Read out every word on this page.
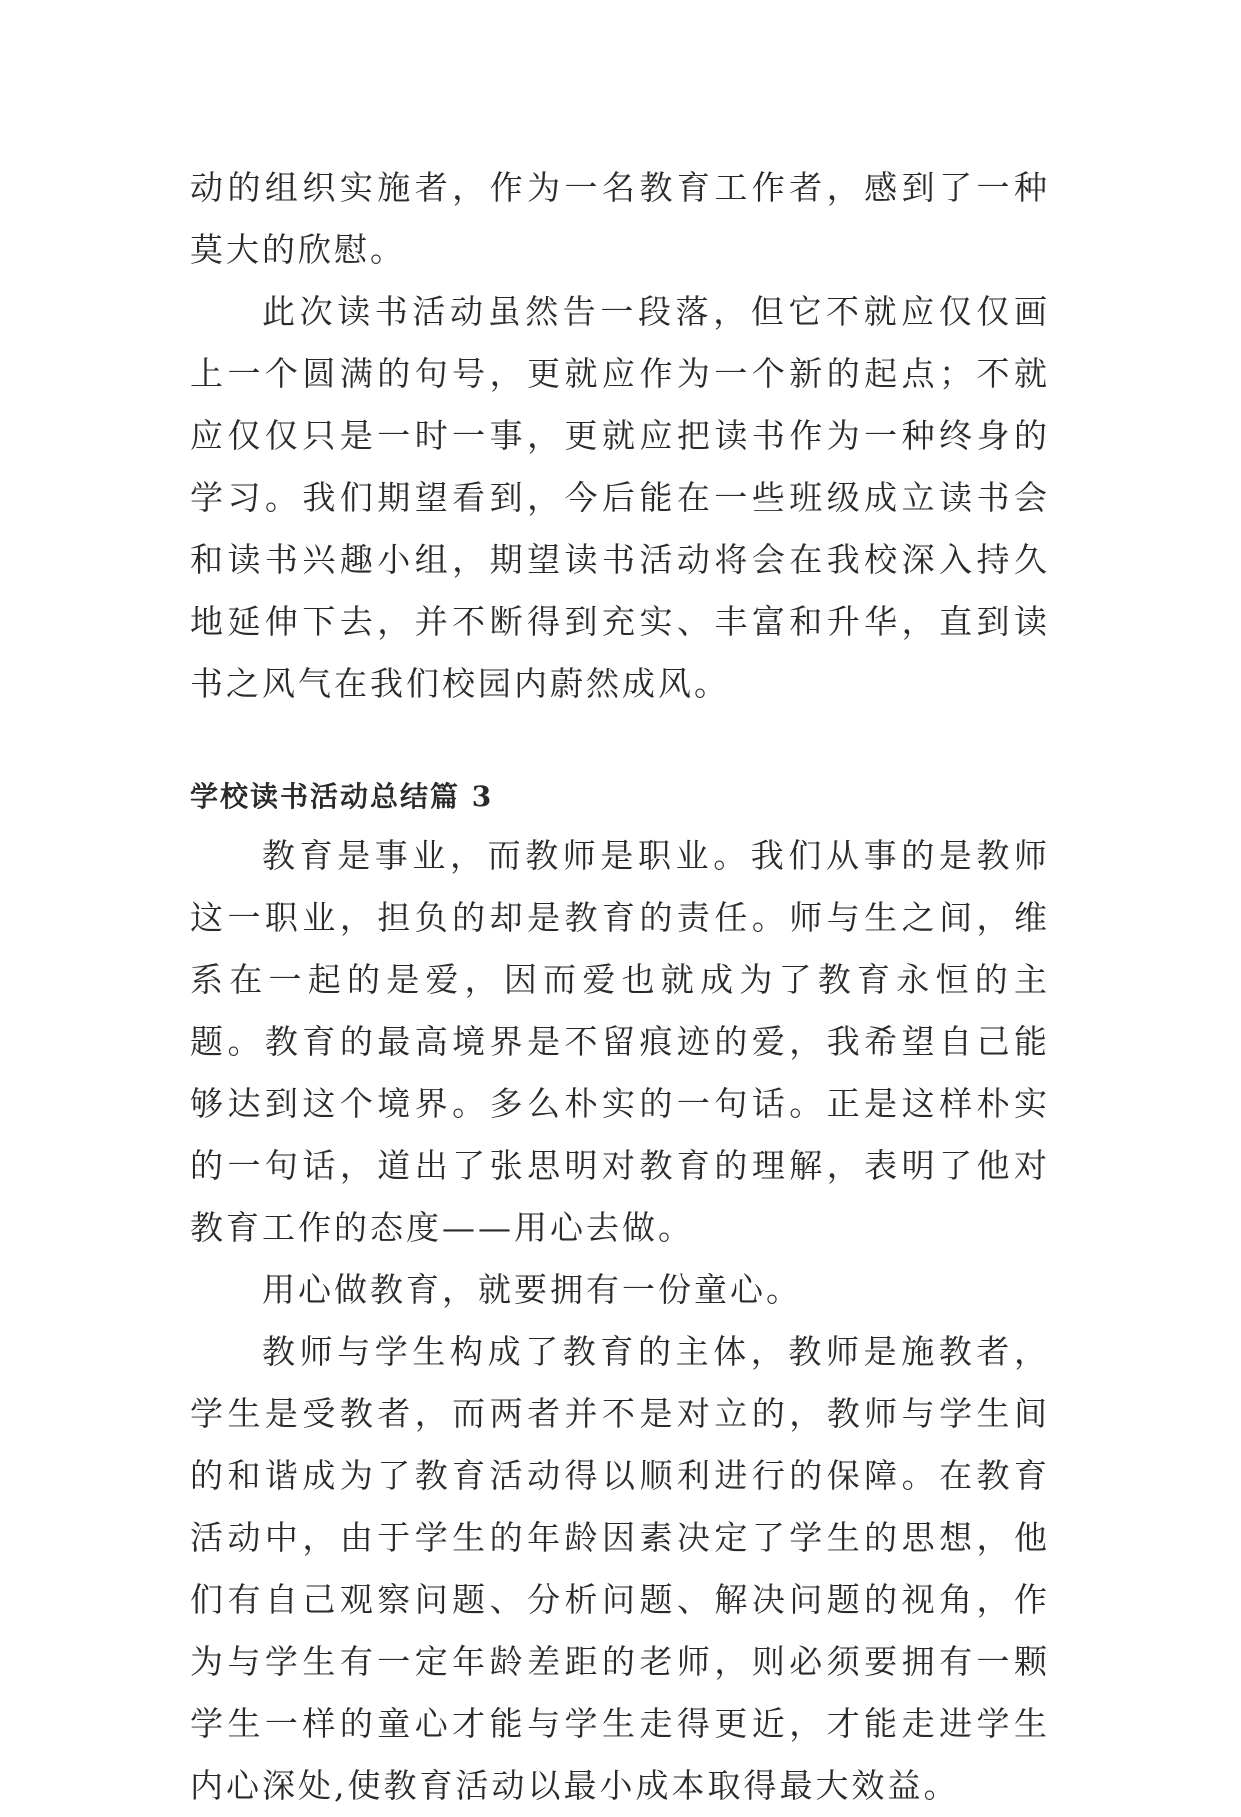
动的组织实施者，作为一名教育工作者，感到了一种莫大的欣慰。

此次读书活动虽然告一段落，但它不就应仅仅画上一个圆满的句号，更就应作为一个新的起点；不就应仅仅只是一时一事，更就应把读书作为一种终身的学习。我们期望看到，今后能在一些班级成立读书会和读书兴趣小组，期望读书活动将会在我校深入持久地延伸下去，并不断得到充实、丰富和升华，直到读书之风气在我们校园内蔚然成风。

学校读书活动总结篇 3

教育是事业，而教师是职业。我们从事的是教师这一职业，担负的却是教育的责任。师与生之间，维系在一起的是爱，因而爱也就成为了教育永恒的主题。教育的最高境界是不留痕迹的爱，我希望自己能够达到这个境界。多么朴实的一句话。正是这样朴实的一句话，道出了张思明对教育的理解，表明了他对教育工作的态度——用心去做。

用心做教育，就要拥有一份童心。

教师与学生构成了教育的主体，教师是施教者，学生是受教者，而两者并不是对立的，教师与学生间的和谐成为了教育活动得以顺利进行的保障。在教育活动中，由于学生的年龄因素决定了学生的思想，他们有自己观察问题、分析问题、解决问题的视角，作为与学生有一定年龄差距的老师，则必须要拥有一颗学生一样的童心才能与学生走得更近，才能走进学生内心深处,使教育活动以最小成本取得最大效益。
